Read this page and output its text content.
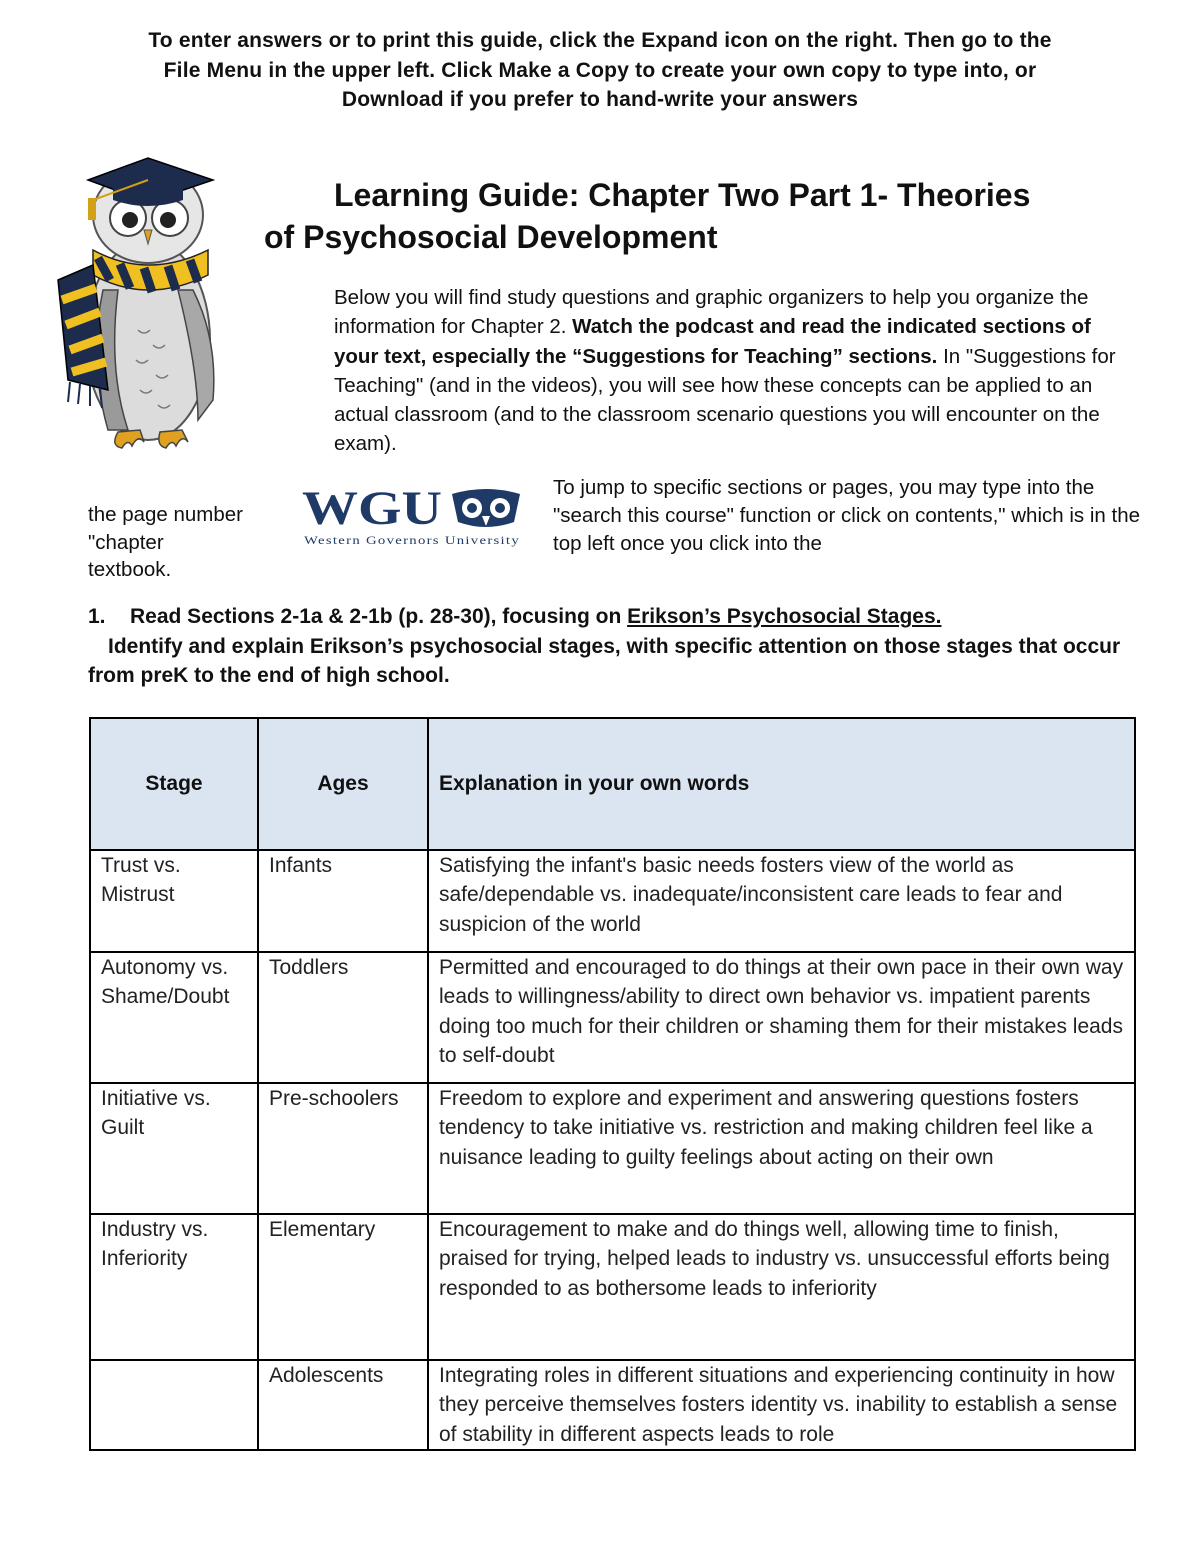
To enter answers or to print this guide, click the Expand icon on the right. Then go to the
File Menu in the upper left. Click Make a Copy to create your own copy to type into, or
Download if you prefer to hand-write your answers
Learning Guide: Chapter Two Part 1- Theories
of Psychosocial Development
Below you will find study questions and graphic organizers to help you organize the information for Chapter 2. Watch the podcast and read the indicated sections of your text, especially the “Suggestions for Teaching” sections. In "Suggestions for Teaching" (and in the videos), you will see how these concepts can be applied to an actual classroom (and to the classroom scenario questions you will encounter on the exam).
the page number
"chapter
textbook.
WGU
Western Governors University
To jump to specific sections or pages, you may type into the "search this course" function or click on contents," which is in the top left once you click into the
1. Read Sections 2-1a & 2-1b (p. 28-30), focusing on Erikson’s Psychosocial Stages.
Identify and explain Erikson’s psychosocial stages, with specific attention on those stages that occur from preK to the end of high school.
Stage	Ages	Explanation in your own words
Trust vs. Mistrust	Infants	Satisfying the infant's basic needs fosters view of the world as safe/dependable vs. inadequate/inconsistent care leads to fear and suspicion of the world
Autonomy vs. Shame/Doubt	Toddlers	Permitted and encouraged to do things at their own pace in their own way leads to willingness/ability to direct own behavior vs. impatient parents doing too much for their children or shaming them for their mistakes leads to self-doubt
Initiative vs. Guilt	Pre-schoolers	Freedom to explore and experiment and answering questions fosters tendency to take initiative vs. restriction and making children feel like a nuisance leading to guilty feelings about acting on their own
Industry vs. Inferiority	Elementary	Encouragement to make and do things well, allowing time to finish, praised for trying, helped leads to industry vs. unsuccessful efforts being responded to as bothersome leads to inferiority
	Adolescents	Integrating roles in different situations and experiencing continuity in how they perceive themselves fosters identity vs. inability to establish a sense of stability in different aspects leads to role
